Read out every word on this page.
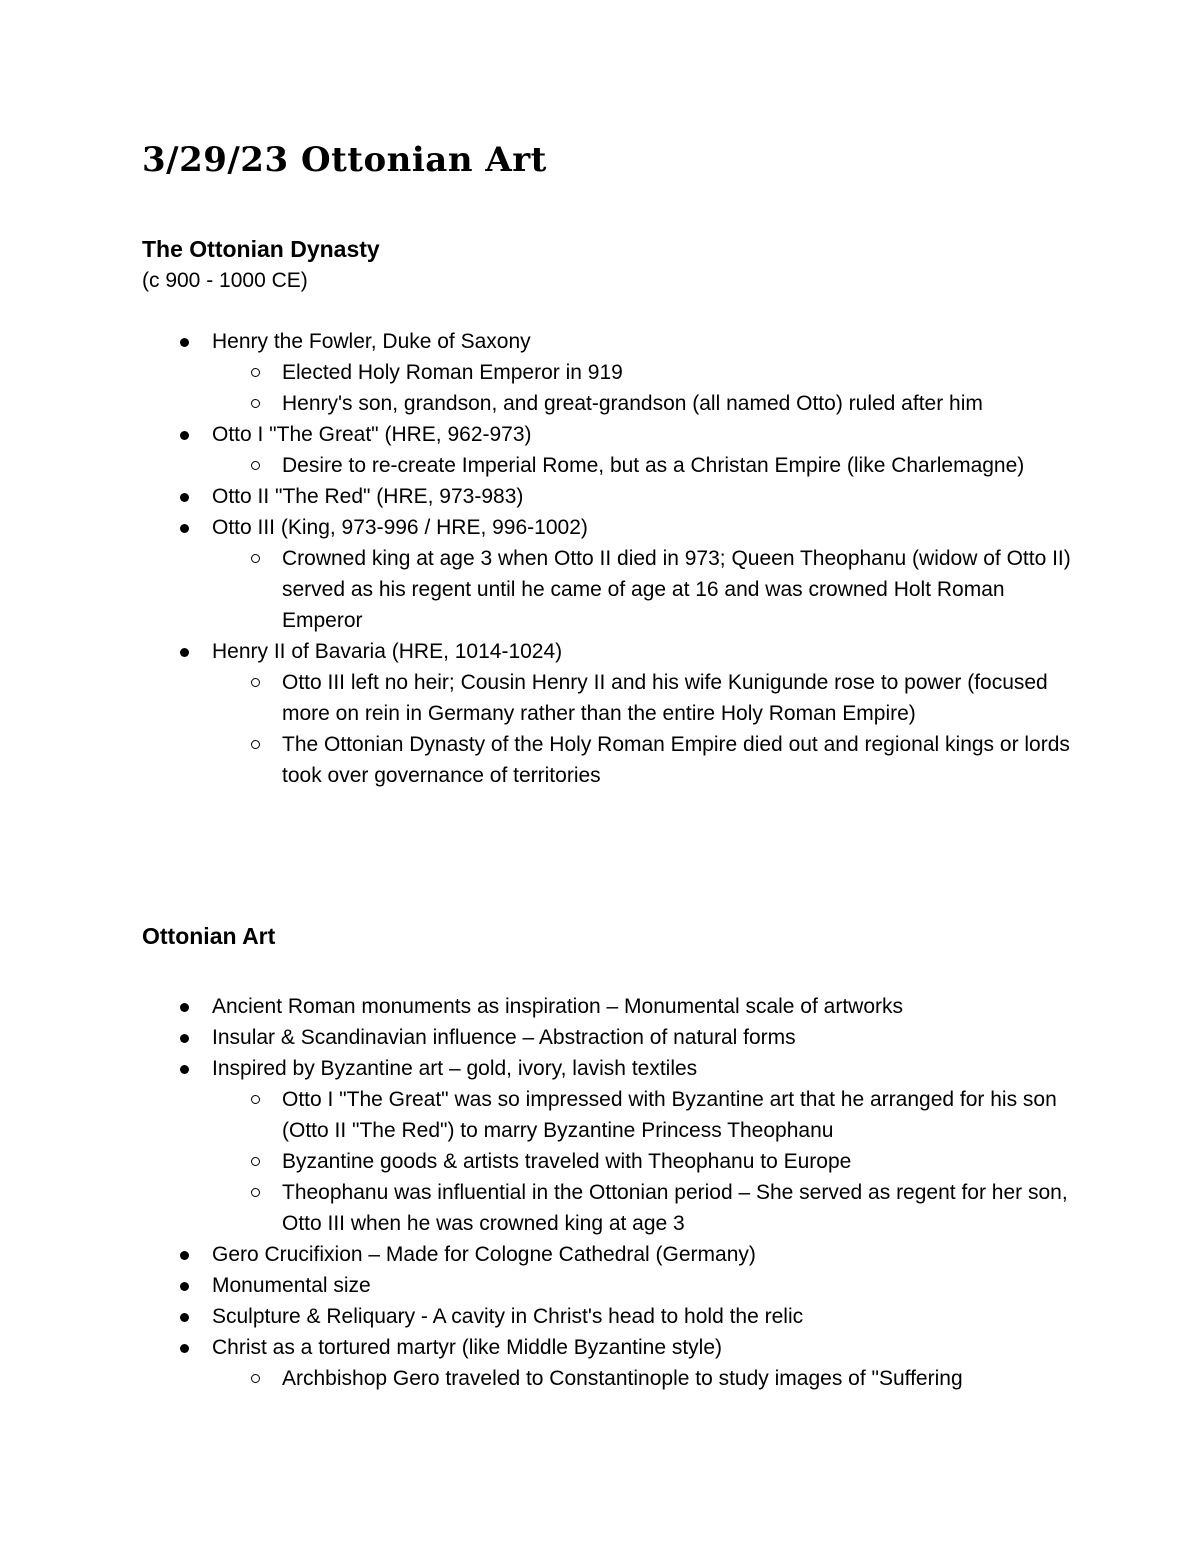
3/29/23 Ottonian Art
The Ottonian Dynasty

(c 900 - 1000 CE)

Henry the Fowler, Duke of Saxony
Elected Holy Roman Emperor in 919
Henry's son, grandson, and great-grandson (all named Otto) ruled after him
Otto I "The Great" (HRE, 962-973)
Desire to re-create Imperial Rome, but as a Christan Empire (like Charlemagne)
Otto II "The Red" (HRE, 973-983)
Otto III (King, 973-996 / HRE, 996-1002)
Crowned king at age 3 when Otto II died in 973; Queen Theophanu (widow of Otto II) served as his regent until he came of age at 16 and was crowned Holt Roman Emperor
Henry II of Bavaria (HRE, 1014-1024)
Otto III left no heir; Cousin Henry II and his wife Kunigunde rose to power (focused more on rein in Germany rather than the entire Holy Roman Empire)
The Ottonian Dynasty of the Holy Roman Empire died out and regional kings or lords took over governance of territories
Ottonian Art
Ancient Roman monuments as inspiration – Monumental scale of artworks
Insular & Scandinavian influence – Abstraction of natural forms
Inspired by Byzantine art – gold, ivory, lavish textiles
Otto I "The Great" was so impressed with Byzantine art that he arranged for his son (Otto II "The Red") to marry Byzantine Princess Theophanu
Byzantine goods & artists traveled with Theophanu to Europe
Theophanu was influential in the Ottonian period – She served as regent for her son, Otto III when he was crowned king at age 3
Gero Crucifixion – Made for Cologne Cathedral (Germany)
Monumental size
Sculpture & Reliquary - A cavity in Christ's head to hold the relic
Christ as a tortured martyr (like Middle Byzantine style)
Archbishop Gero traveled to Constantinople to study images of "Suffering
